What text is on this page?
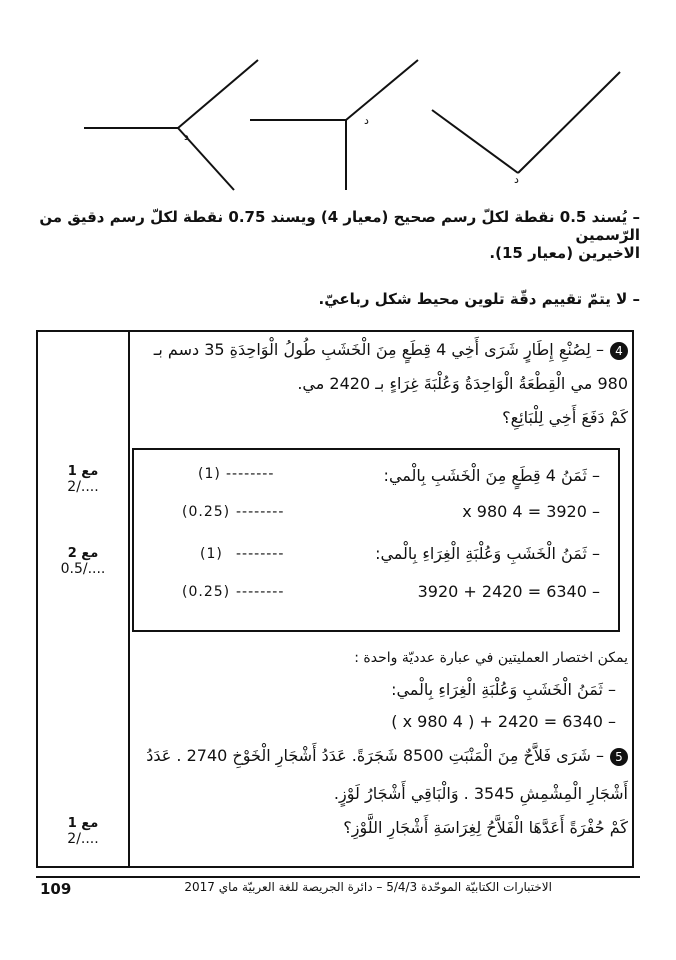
د
د
د
– يُسند 0.5 نقطة لكلّ رسم صحيح (معيار 4) ويسند 0.75 نقطة لكلّ رسم دقيق من الرّسمين
الاخيرين (معيار 15).
– لا يتمّ تقييم دقّة تلوين محيط شكل رباعيّ.
مع 1
2/....
مع 2
0.5/....
مع 1
2/....
4– لِصُنْعِ إِطَارٍ شَرَى أَخِي 4 قِطَعٍ مِنَ الْخَشَبِ طُولُ الْوَاحِدَةِ 35 دسم بـ
980 مي الْقِطْعَةُ الْوَاحِدَةُ وَعُلْبَةَ غِرَاءٍ بـ 2420 مي.
كَمْ دَفَعَ أَخِي لِلْبَائِعِ؟
– ثَمَنُ 4 قِطَعٍ مِنَ الْخَشَبِ بِالْمي:
--------
(1)
– 3920 = 4 x 980
--------
(0.25)
– ثَمَنُ الْخَشَبِ وَعُلْبَةِ الْغِرَاءِ بِالْمي:
--------
(1)
– 6340 = 2420 + 3920
--------
(0.25)
يمكن اختصار العمليتين في عبارة عدديّة واحدة :
– ثَمَنُ الْخَشَبِ وَعُلْبَةِ الْغِرَاءِ بِالْمي:
– 6340 = 2420 + ( 4 x 980 )
5– شَرَى فَلاَّحٌ مِنَ الْمَنْبَتِ 8500 شَجَرَةً. عَدَدُ أَشْجَارِ الْخَوْخِ 2740 . عَدَدُ
أَشْجَارِ الْمِشْمِشِ 3545 . وَالْبَاقِي أَشْجَارُ لَوْزٍ.
كَمْ حُفْرَةً أَعَدَّهَا الْفَلاَّحُ لِغِرَاسَةِ أَشْجَارِ اللَّوْزِ؟
109	الاختبارات الكتابيّة الموحّدة 5/4/3 – دائرة الجريصة للغة العربيّة ماي 2017
